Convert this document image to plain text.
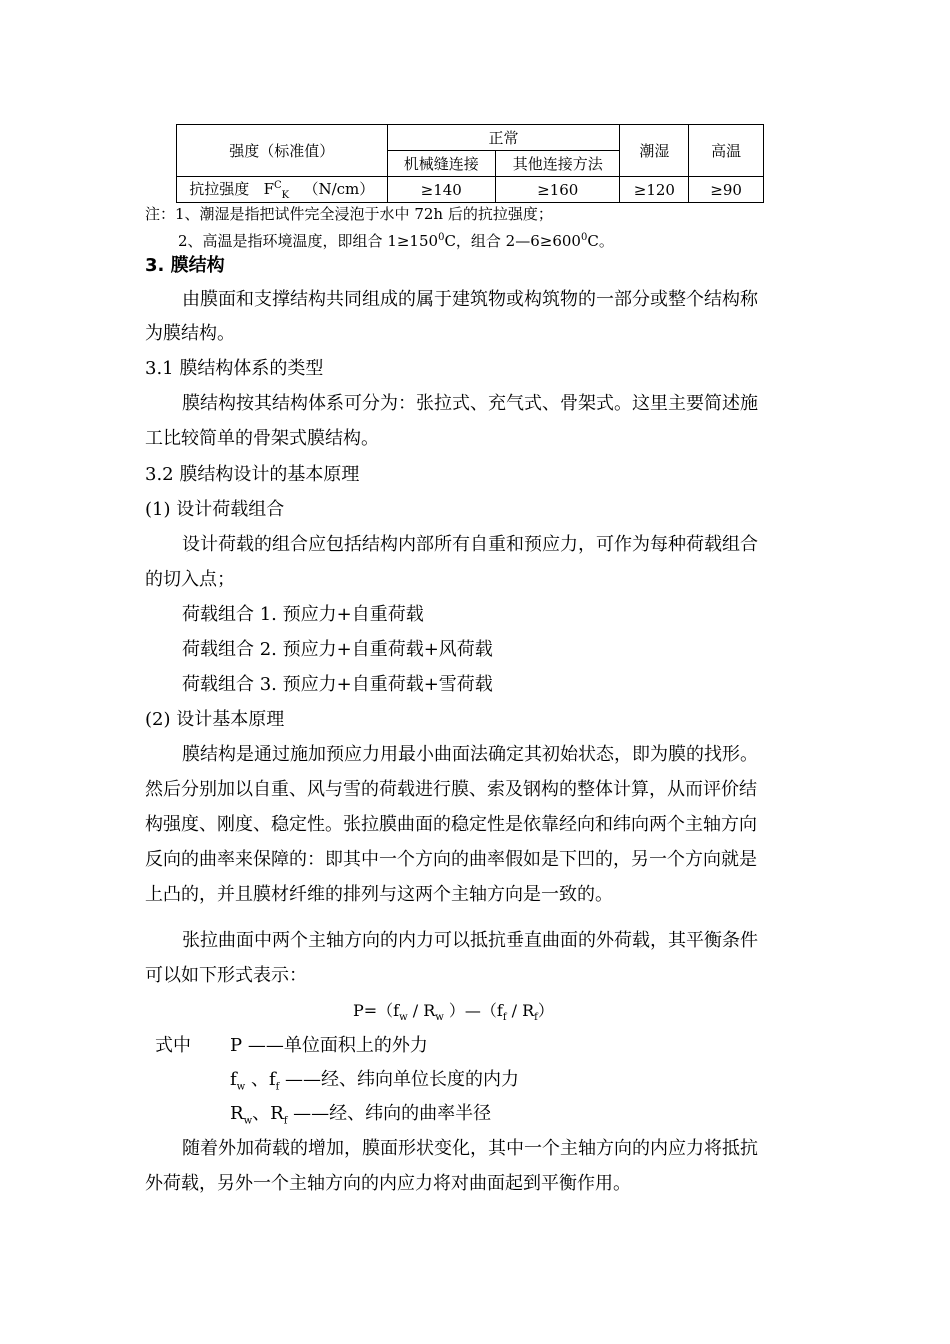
强度（标准值）	正常		潮湿	高温
	机械缝连接	其他连接方法		
抗拉强度 $F^C_K$ （N/cm）	≥140	≥160	≥120	≥90
注：1、潮湿是指把试件完全浸泡于水中 72h 后的抗拉强度；
2、高温是指环境温度，即组合 $1\ge 150^0C$，组合 $2—6\ge 600^0C$。
3. 膜结构
由膜面和支撑结构共同组成的属于建筑物或构筑物的一部分或整个结构称
为膜结构。
3.1 膜结构体系的类型
膜结构按其结构体系可分为：张拉式、充气式、骨架式。这里主要简述施
工比较简单的骨架式膜结构。
3.2 膜结构设计的基本原理
(1) 设计荷载组合
设计荷载的组合应包括结构内部所有自重和预应力，可作为每种荷载组合
的切入点；
荷载组合 1. 预应力+自重荷载
荷载组合 2. 预应力+自重荷载+风荷载
荷载组合 3. 预应力+自重荷载+雪荷载
(2) 设计基本原理
膜结构是通过施加预应力用最小曲面法确定其初始状态，即为膜的找形。
然后分别加以自重、风与雪的荷载进行膜、索及钢构的整体计算，从而评价结
构强度、刚度、稳定性。张拉膜曲面的稳定性是依靠经向和纬向两个主轴方向
反向的曲率来保障的：即其中一个方向的曲率假如是下凹的，另一个方向就是
上凸的，并且膜材纤维的排列与这两个主轴方向是一致的。
张拉曲面中两个主轴方向的内力可以抵抗垂直曲面的外荷载，其平衡条件
可以如下形式表示：
$P=(f_w / R_w$ ）$—(f_f / R_f)$
式中 P ——单位面积上的外力
$f_w$ 、$f_f$ ——经、纬向单位长度的内力
$R_w$、$R_f$ ——经、纬向的曲率半径
随着外加荷载的增加，膜面形状变化，其中一个主轴方向的内应力将抵抗
外荷载，另外一个主轴方向的内应力将对曲面起到平衡作用。
